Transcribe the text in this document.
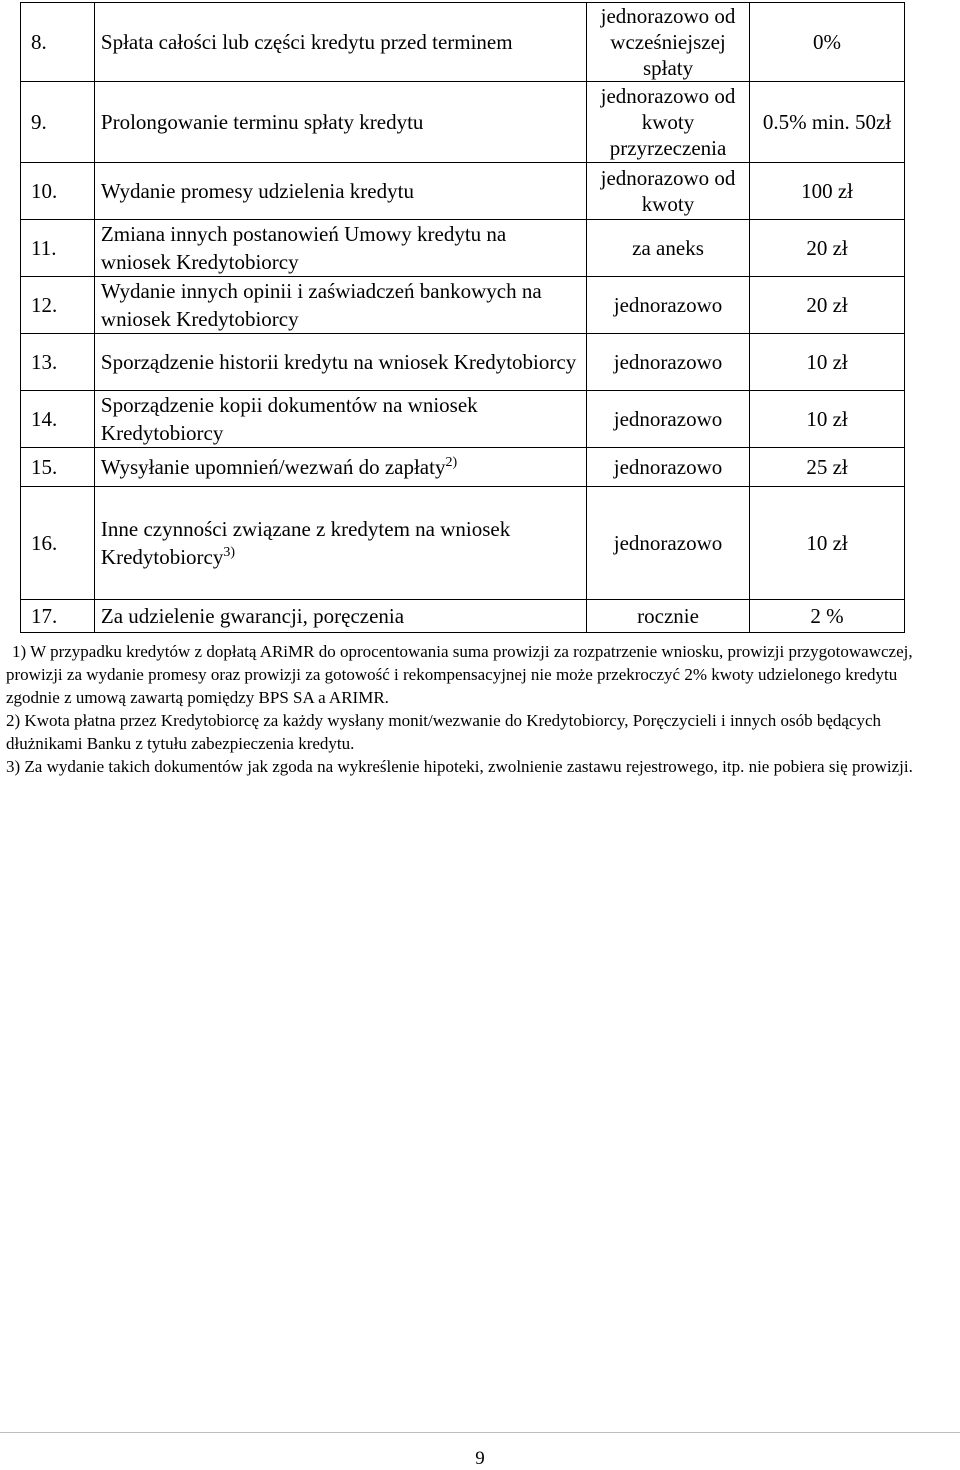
8.	Spłata całości lub części kredytu przed terminem	jednorazowo od wcześniejszej spłaty	0%
9.	Prolongowanie terminu spłaty kredytu	jednorazowo od kwoty przyrzeczenia	0.5% min. 50zł
10.	Wydanie promesy udzielenia kredytu	jednorazowo od kwoty	100 zł
11.	Zmiana innych postanowień Umowy kredytu na wniosek Kredytobiorcy	za aneks	20 zł
12.	Wydanie innych opinii i zaświadczeń bankowych na wniosek Kredytobiorcy	jednorazowo	20 zł
13.	Sporządzenie historii kredytu na wniosek Kredytobiorcy	jednorazowo	10 zł
14.	Sporządzenie kopii dokumentów na wniosek Kredytobiorcy	jednorazowo	10 zł
15.	Wysyłanie upomnień/wezwań do zapłaty$^{2)}$	jednorazowo	25 zł
16.	Inne czynności związane z kredytem na wniosek Kredytobiorcy$^{3)}$	jednorazowo	10 zł
17.	Za udzielenie gwarancji, poręczenia	rocznie	2 %

1) W przypadku kredytów z dopłatą ARiMR do oprocentowania suma prowizji za rozpatrzenie wniosku, prowizji przygotowawczej, prowizji za wydanie promesy oraz prowizji za gotowość i rekompensacyjnej nie może przekroczyć 2% kwoty udzielonego kredytu zgodnie z umową zawartą pomiędzy BPS SA a ARIMR.

2) Kwota płatna przez Kredytobiorcę za każdy wysłany monit/wezwanie do Kredytobiorcy, Poręczycieli i innych osób będących dłużnikami Banku z tytułu zabezpieczenia kredytu.

3) Za wydanie takich dokumentów jak zgoda na wykreślenie hipoteki, zwolnienie zastawu rejestrowego, itp. nie pobiera się prowizji.

9
